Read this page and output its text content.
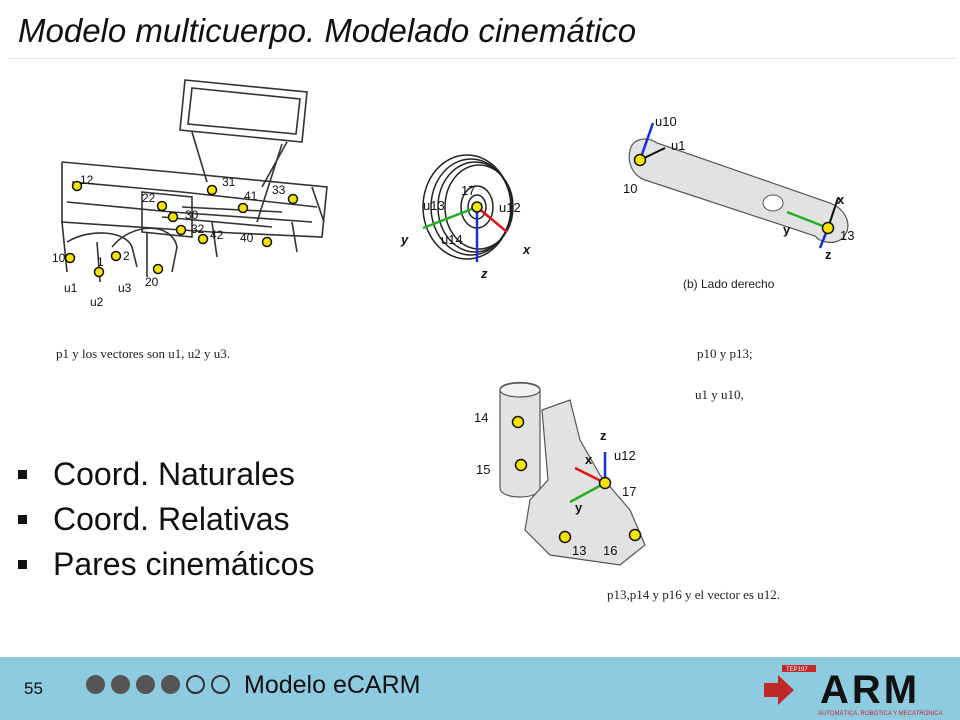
Modelo multicuerpo. Modelado cinemático
12
22
31
41 33
30
32 42 40
10	1 2
20
u1	u3
u2
p1 y los vectores son u1, u2 y u3.
17
u13	u12
u14
y
x
z
u10
u1
10
13
x
y
z
(b) Lado derecho
p10 y p13;
u1 y u10,
14
15
17
13 16
u12
z
x
y
p13,p14 y p16 y el vector es u12.
Coord. Naturales
Coord. Relativas
Pares cinemáticos
55	Modelo eCARM
TEP197 ARM
AUTOMÁTICA, ROBÓTICA Y MECATRÓNICA
